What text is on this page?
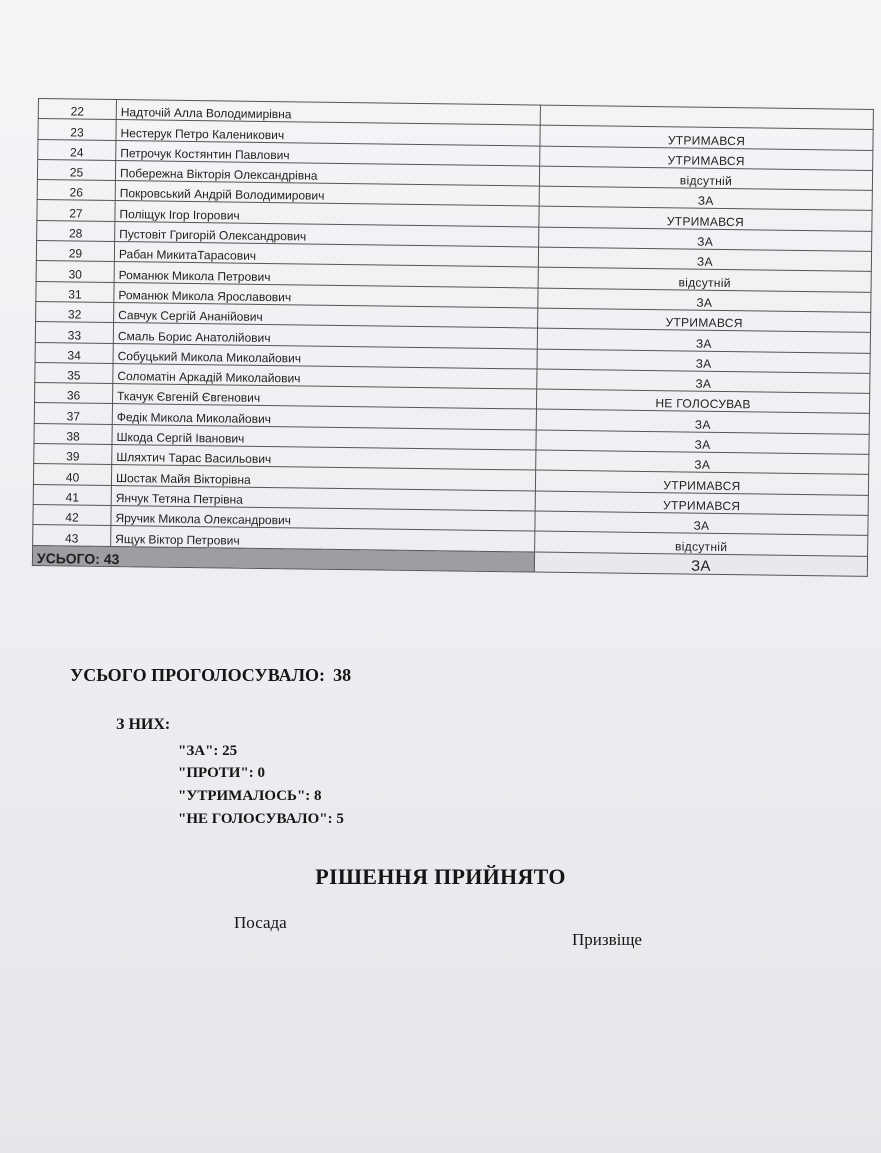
22	Надточій Алла Володимирівна	
23	Нестерук Петро Каленикович	УТРИМАВСЯ
24	Петрочук Костянтин Павлович	УТРИМАВСЯ
25	Побережна Вікторія Олександрівна	відсутній
26	Покровський Андрій Володимирович	ЗА
27	Поліщук Ігор Ігорович	УТРИМАВСЯ
28	Пустовіт Григорій Олександрович	ЗА
29	Рабан МикитаТарасович	ЗА
30	Романюк Микола Петрович	відсутній
31	Романюк Микола Ярославович	ЗА
32	Савчук Сергій Ананійович	УТРИМАВСЯ
33	Смаль Борис Анатолійович	ЗА
34	Собуцький Микола Миколайович	ЗА
35	Соломатін Аркадій Миколайович	ЗА
36	Ткачук Євгеній Євгенович	НЕ ГОЛОСУВАВ
37	Федік Микола Миколайович	ЗА
38	Шкода Сергій Іванович	ЗА
39	Шляхтич Тарас Васильович	ЗА
40	Шостак Майя Вікторівна	УТРИМАВСЯ
41	Янчук Тетяна Петрівна	УТРИМАВСЯ
42	Яручик Микола Олександрович	ЗА
43	Ящук Віктор Петрович	відсутній
УСЬОГО: 43		ЗА
УСЬОГО ПРОГОЛОСУВАЛО: 38
З НИХ:
"ЗА": 25
"ПРОТИ": 0
"УТРИМАЛОСЬ": 8
"НЕ ГОЛОСУВАЛО": 5
РІШЕННЯ ПРИЙНЯТО
Посада
Призвіще
